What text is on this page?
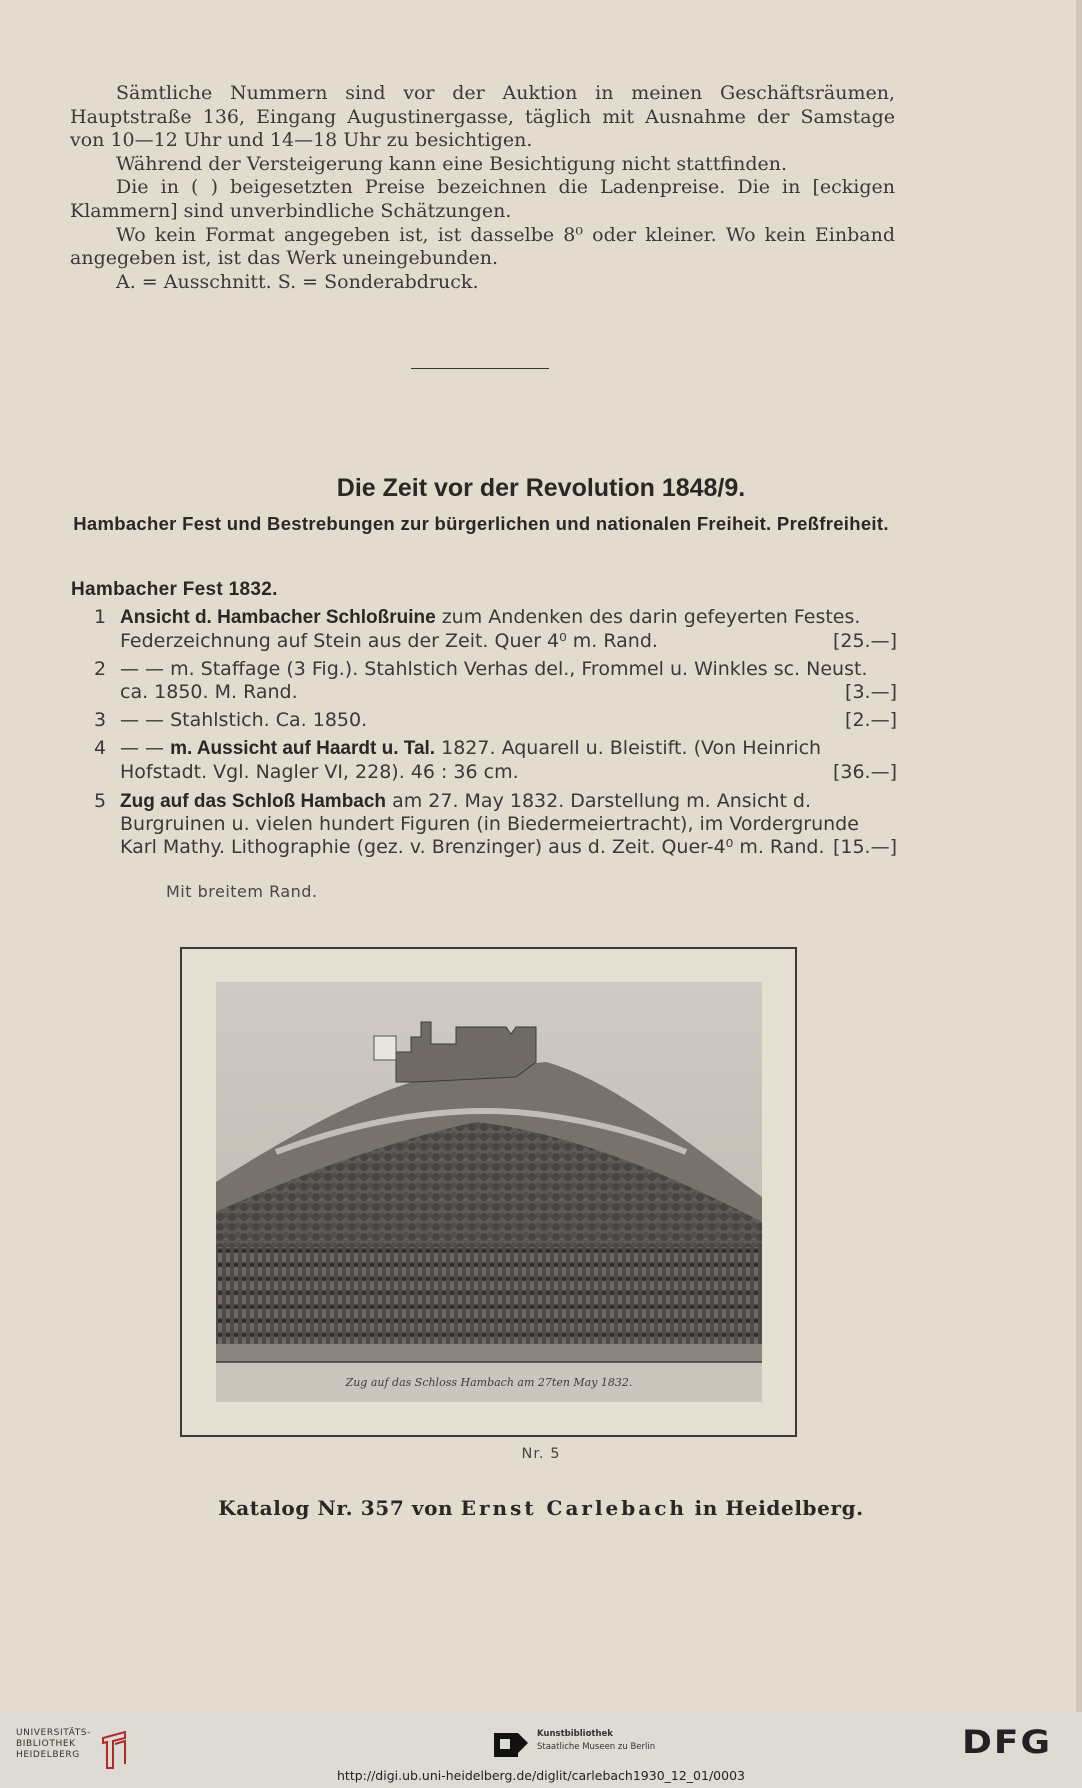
Sämtliche Nummern sind vor der Auktion in meinen Geschäftsräumen, Hauptstraße 136, Eingang Augustinergasse, täglich mit Ausnahme der Samstage von 10—12 Uhr und 14—18 Uhr zu besichtigen.

Während der Versteigerung kann eine Besichtigung nicht stattfinden.

Die in ( ) beigesetzten Preise bezeichnen die Ladenpreise. Die in [eckigen Klammern] sind unverbindliche Schätzungen.

Wo kein Format angegeben ist, ist dasselbe 8⁰ oder kleiner. Wo kein Einband angegeben ist, ist das Werk uneingebunden.

A. = Ausschnitt. S. = Sonderabdruck.

Die Zeit vor der Revolution 1848/9.
Hambacher Fest und Bestrebungen zur bürgerlichen und nationalen Freiheit. Preßfreiheit.
Hambacher Fest 1832.
1 Ansicht d. Hambacher Schloßruine zum Andenken des darin gefeyerten Festes. Federzeichnung auf Stein aus der Zeit. Quer 4⁰ m. Rand.	[25.—]
2 — — m. Staffage (3 Fig.). Stahlstich Verhas del., Frommel u. Winkles sc. Neust. ca. 1850. M. Rand.	[3.—]
3 — — Stahlstich. Ca. 1850.	[2.—]
4 — — m. Aussicht auf Haardt u. Tal. 1827. Aquarell u. Bleistift. (Von Heinrich Hofstadt. Vgl. Nagler VI, 228). 46 : 36 cm.	[36.—]
5 Zug auf das Schloß Hambach am 27. May 1832. Darstellung m. Ansicht d. Burgruinen u. vielen hundert Figuren (in Biedermeiertracht), im Vordergrunde Karl Mathy. Lithographie (gez. v. Brenzinger) aus d. Zeit. Quer-4⁰ m. Rand. [15.—]
Mit breitem Rand.
Zug auf das Schloss Hambach am 27ten May 1832.
Nr. 5
Katalog Nr. 357 von Ernst Carlebach in Heidelberg.
UNIVERSITÄTS-
BIBLIOTHEK
HEIDELBERG
Kunstbibliothek
Staatliche Museen zu Berlin	DFG
http://digi.ub.uni-heidelberg.de/diglit/carlebach1930_12_01/0003
